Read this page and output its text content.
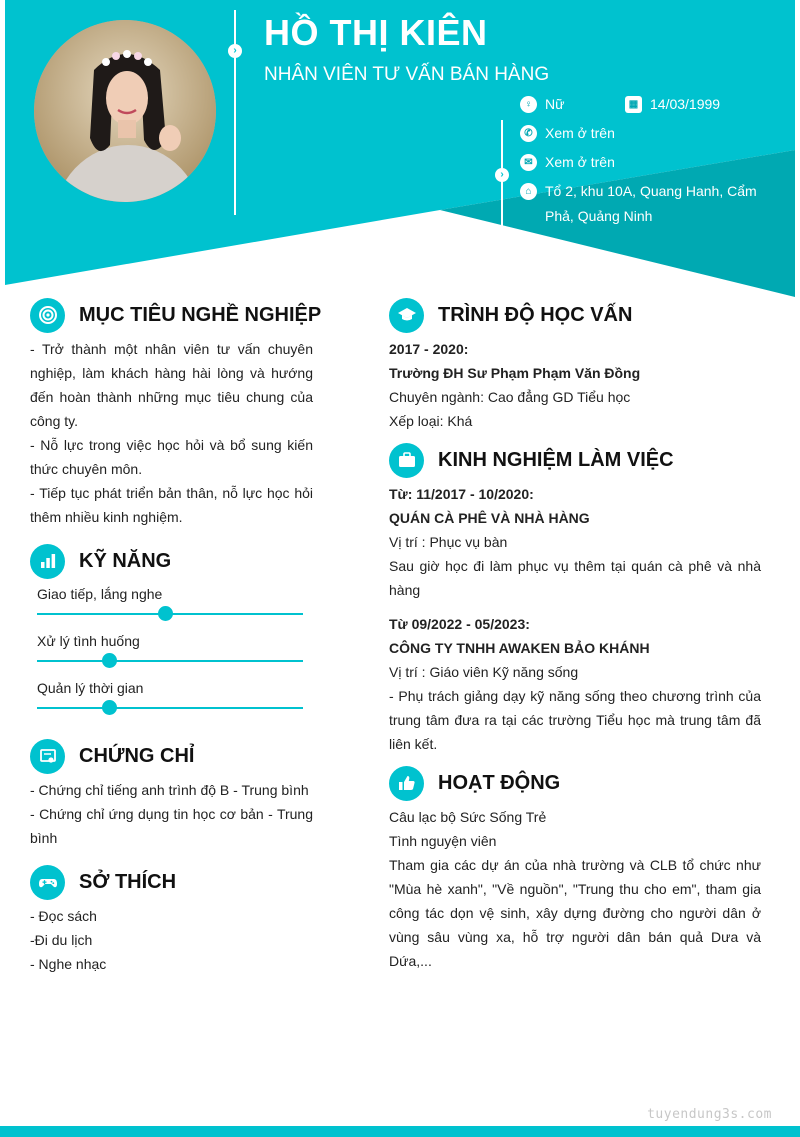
›
›
HỒ THỊ KIÊN
NHÂN VIÊN TƯ VẤN BÁN HÀNG
♀ Nữ	▦ 14/03/1999
✆ Xem ở trên
✉ Xem ở trên
⌂ Tổ 2, khu 10A, Quang Hanh, Cẩm
Phả, Quảng Ninh
MỤC TIÊU NGHỀ NGHIỆP

- Trở thành một nhân viên tư vấn chuyên nghiệp, làm khách hàng hài lòng và hướng đến hoàn thành những mục tiêu chung của công ty.

- Nỗ lực trong việc học hỏi và bổ sung kiến thức chuyên môn.

- Tiếp tục phát triển bản thân, nỗ lực học hỏi thêm nhiều kinh nghiệm.

KỸ NĂNG
Giao tiếp, lắng nghe
Xử lý tình huống
Quản lý thời gian
CHỨNG CHỈ

- Chứng chỉ tiếng anh trình độ B - Trung bình

- Chứng chỉ ứng dụng tin học cơ bản - Trung bình

SỞ THÍCH

- Đọc sách

-Đi du lịch

- Nghe nhạc

TRÌNH ĐỘ HỌC VẤN

2017 - 2020:

Trường ĐH Sư Phạm Phạm Văn Đồng

Chuyên ngành: Cao đẳng GD Tiểu học

Xếp loại: Khá

KINH NGHIỆM LÀM VIỆC

Từ: 11/2017 - 10/2020:

QUÁN CÀ PHÊ VÀ NHÀ HÀNG

Vị trí : Phục vụ bàn

Sau giờ học đi làm phục vụ thêm tại quán cà phê và nhà hàng

Từ 09/2022 - 05/2023:

CÔNG TY TNHH AWAKEN BẢO KHÁNH

Vị trí : Giáo viên Kỹ năng sống

- Phụ trách giảng dạy kỹ năng sống theo chương trình của trung tâm đưa ra tại các trường Tiểu học mà trung tâm đã liên kết.

HOẠT ĐỘNG

Câu lạc bộ Sức Sống Trẻ

Tình nguyện viên

Tham gia các dự án của nhà trường và CLB tổ chức như "Mùa hè xanh", "Về nguồn", "Trung thu cho em", tham gia công tác dọn vệ sinh, xây dựng đường cho người dân ở vùng sâu vùng xa, hỗ trợ người dân bán quả Dưa và Dứa,...

tuyendung3s.com
